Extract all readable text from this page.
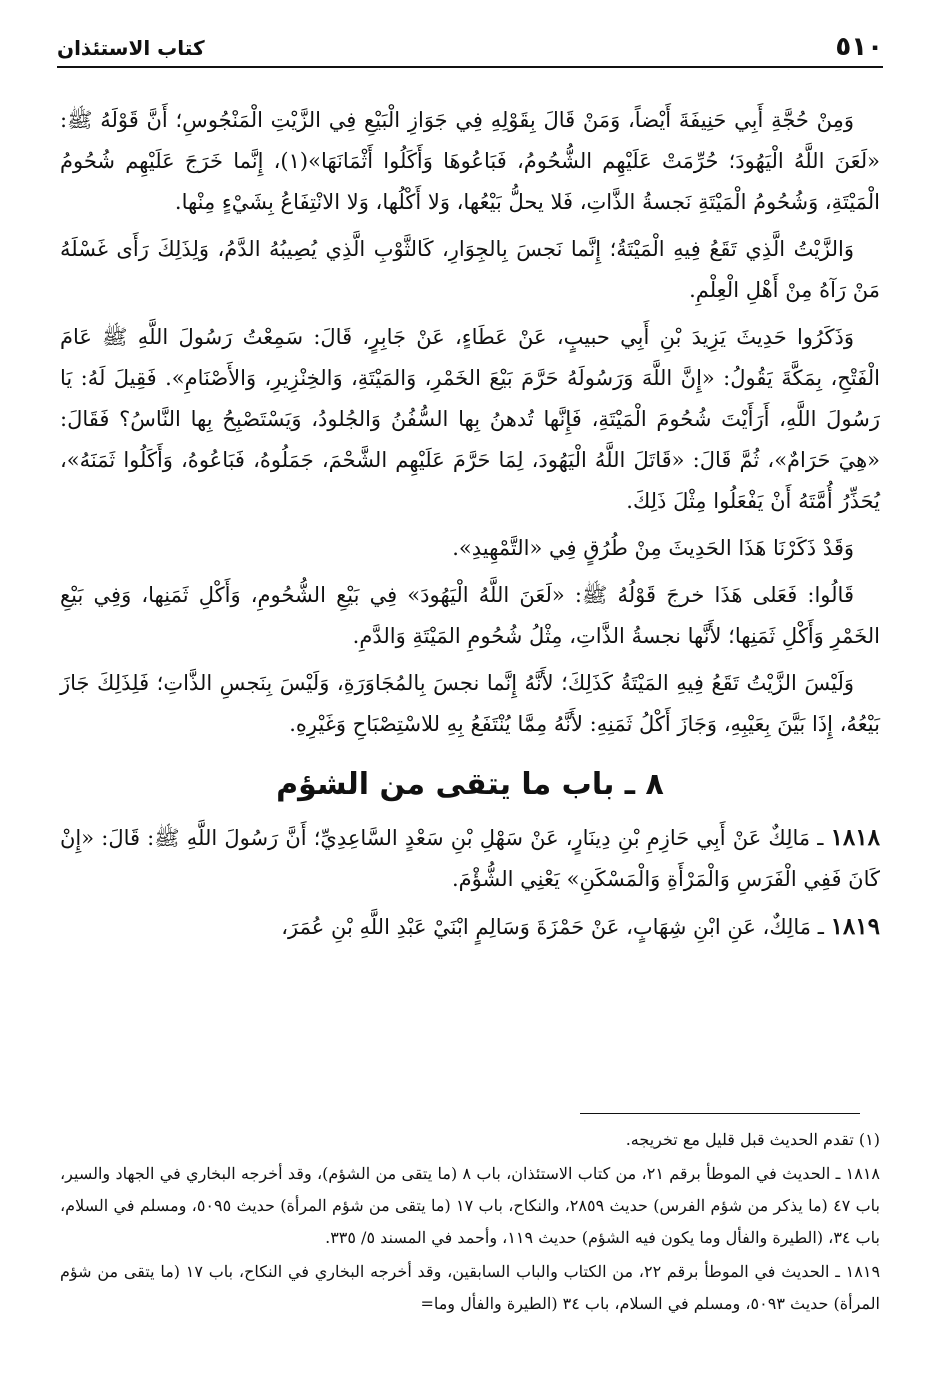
٥١٠
كتاب الاستئذان

وَمِنْ حُجَّةِ أَبِي حَنِيفَةَ أَيْضاً، وَمَنْ قَالَ بِقَوْلِهِ فِي جَوَازِ الْبَيْعِ فِي الزَّيْتِ الْمَنْجُوسِ؛ أَنَّ قَوْلَهُ ﷺ: «لَعَنَ اللَّهُ الْيَهُودَ؛ حُرِّمَتْ عَلَيْهِم الشُّحُومُ، فَبَاعُوهَا وَأَكَلُوا أَثْمَانَهَا»(١)، إِنَّما خَرَجَ عَلَيْهِم شُحُومُ الْمَيْتَةِ، وَشُحُومُ الْمَيْتَةِ نَجسةُ الذَّاتِ، فَلا يحلُّ بَيْعُها، وَلا أَكْلُها، وَلا الانْتِفَاعُ بِشَيْءٍ مِنْها.

وَالزَّيْتُ الَّذِي تَقَعُ فِيهِ الْمَيْتَةُ؛ إِنَّما نَجسَ بِالجِوَارِ، كَالثَّوْبِ الَّذِي يُصِيبُهُ الدَّمُ، وَلِذَلِكَ رَأَى غَسْلَهُ مَنْ رَآهُ مِنْ أَهْلِ الْعِلْمِ.

وَذَكَرُوا حَدِيثَ يَزِيدَ بْنِ أَبِي حبيبٍ، عَنْ عَطَاءٍ، عَنْ جَابِرٍ، قَالَ: سَمِعْتُ رَسُولَ اللَّهِ ﷺ عَامَ الْفَتْحِ، بِمَكَّةَ يَقُولُ: «إِنَّ اللَّهَ وَرَسُولَهُ حَرَّمَ بَيْعَ الخَمْرِ، وَالمَيْتَةِ، وَالخِنْزِيرِ، وَالأَصْنَامِ». فَقِيلَ لَهُ: يَا رَسُولَ اللَّهِ، أَرَأَيْتَ شُحُومَ الْمَيْتَةِ، فَإِنَّها تُدهنُ بِها السُّفُنُ وَالجُلودُ، وَيَسْتَصْبِحُ بِها النَّاسُ؟ فَقَالَ: «هِيَ حَرَامٌ»، ثُمَّ قَالَ: «قَاتَلَ اللَّهُ الْيَهُودَ، لِمَا حَرَّمَ عَلَيْهِم الشَّحْمَ، جَمَلُوهُ، فَبَاعُوهُ، وَأَكَلُوا ثَمَنَهُ»، يُحَذِّرُ أُمَّتَهُ أَنْ يَفْعَلُوا مِثْلَ ذَلِكَ.

وَقَدْ ذَكَرْنَا هَذَا الحَدِيثَ مِنْ طُرُقٍ فِي «التَّمْهِيدِ».

قَالُوا: فَعَلى هَذَا خرجَ قَوْلُهُ ﷺ: «لَعَنَ اللَّهُ الْيَهُودَ» فِي بَيْعِ الشُّحُومِ، وَأَكْلِ ثَمَنِها، وَفِي بَيْعِ الخَمْرِ وَأَكْلِ ثَمَنِها؛ لأَنَّها نجسةُ الذَّاتِ، مِثْلُ شُحُومِ المَيْتَةِ وَالدَّمِ.

وَلَيْسَ الزَّيْتُ تَقَعُ فِيهِ المَيْتَةُ كَذَلِكَ؛ لأَنَّهُ إِنَّما نجسَ بِالمُجَاوَرَةِ، وَلَيْسَ بِنَجسِ الذَّاتِ؛ فَلِذَلِكَ جَازَ بَيْعُهُ، إِذَا بَيَّنَ بِعَيْبِهِ، وَجَازَ أَكْلُ ثَمَنِهِ: لأَنَّهُ مِمَّا يُنْتَفَعُ بِهِ للاسْتِصْبَاحِ وَغَيْرِهِ.

٨ ـ باب ما يتقى من الشؤم

١٨١٨ ـ مَالِكٌ عَنْ أَبِي حَازِمِ بْنِ دِينَارٍ، عَنْ سَهْلِ بْنِ سَعْدٍ السَّاعِدِيِّ؛ أَنَّ رَسُولَ اللَّهِ ﷺ: قَالَ: «إِنْ كَانَ فَفِي الْفَرَسِ وَالْمَرْأَةِ وَالْمَسْكَنِ» يَعْنِي الشُّؤْمَ.

١٨١٩ ـ مَالِكٌ، عَنِ ابْنِ شِهَابٍ، عَنْ حَمْزَةَ وَسَالِمٍ ابْنَيْ عَبْدِ اللَّهِ بْنِ عُمَرَ،

(١) تقدم الحديث قبل قليل مع تخريجه.

١٨١٨ ـ الحديث في الموطأ برقم ٢١، من كتاب الاستئذان، باب ٨ (ما يتقى من الشؤم)، وقد أخرجه البخاري في الجهاد والسير، باب ٤٧ (ما يذكر من شؤم الفرس) حديث ٢٨٥٩، والنكاح، باب ١٧ (ما يتقى من شؤم المرأة) حديث ٥٠٩٥، ومسلم في السلام، باب ٣٤، (الطيرة والفأل وما يكون فيه الشؤم) حديث ١١٩، وأحمد في المسند ٥/ ٣٣٥.

١٨١٩ ـ الحديث في الموطأ برقم ٢٢، من الكتاب والباب السابقين، وقد أخرجه البخاري في النكاح، باب ١٧ (ما يتقى من شؤم المرأة) حديث ٥٠٩٣، ومسلم في السلام، باب ٣٤ (الطيرة والفأل وما=
